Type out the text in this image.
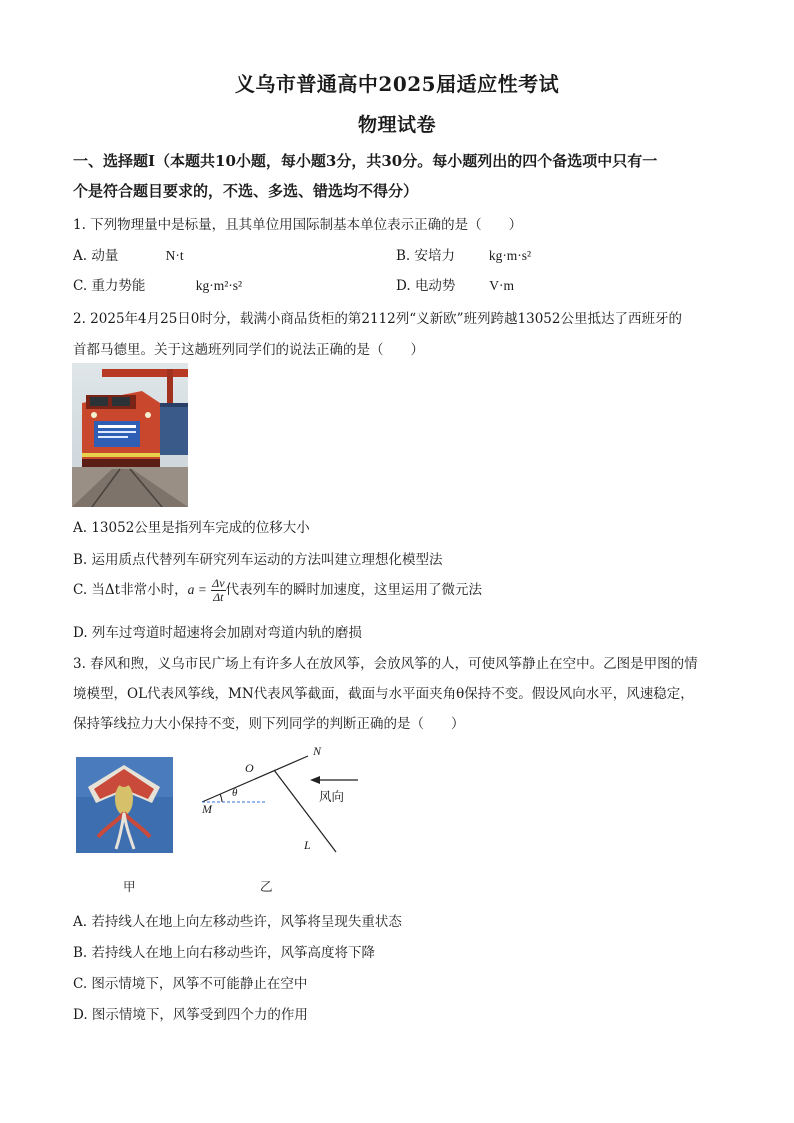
义乌市普通高中2025届适应性考试
物理试卷
一、选择题Ⅰ（本题共10小题，每小题3分，共30分。每小题列出的四个备选项中只有一
个是符合题目要求的，不选、多选、错选均不得分）
1. 下列物理量中是标量，且其单位用国际制基本单位表示正确的是（　　）
A. 动量	N·t	B. 安培力	kg·m·s²
C. 重力势能	kg·m²·s²	D. 电动势	V·m
2. 2025年4月25日0时分，载满小商品货柜的第2112列“义新欧”班列跨越13052公里抵达了西班牙的
首都马德里。关于这趟班列同学们的说法正确的是（　　）
A. 13052公里是指列车完成的位移大小
B. 运用质点代替列车研究列车运动的方法叫建立理想化模型法
C. 当Δt非常小时，$a = \frac{\Delta v}{\Delta t}$ 代表列车的瞬时加速度，这里运用了微元法
D. 列车过弯道时超速将会加剧对弯道内轨的磨损
3. 春风和煦，义乌市民广场上有许多人在放风筝，会放风筝的人，可使风筝静止在空中。乙图是甲图的情
境模型，OL代表风筝线，MN代表风筝截面，截面与水平面夹角θ保持不变。假设风向水平，风速稳定，
保持筝线拉力大小保持不变，则下列同学的判断正确的是（　　）
N
O
θ
M
L
风向
甲	乙
A. 若持线人在地上向左移动些许，风筝将呈现失重状态
B. 若持线人在地上向右移动些许，风筝高度将下降
C. 图示情境下，风筝不可能静止在空中
D. 图示情境下，风筝受到四个力的作用
